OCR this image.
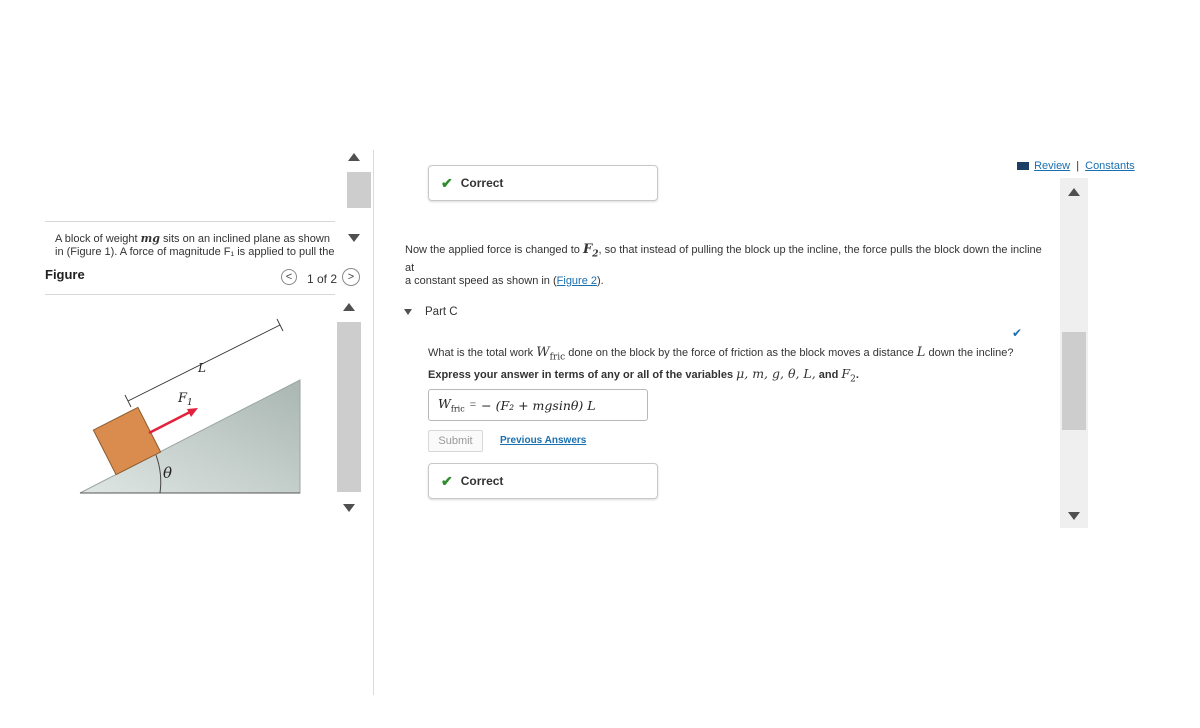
A block of weight mg sits on an inclined plane as shown
in (Figure 1). A force of magnitude F₁ is applied to pull the
Figure	< 1 of 2 >
θ
$F_1$
L
Review | Constants
✔ Correct
Now the applied force is changed to $F_2$, so that instead of pulling the block up the incline, the force pulls the block down the incline at
a constant speed as shown in (Figure 2).
Part C
✔
What is the total work $W_{fric}$ done on the block by the force of friction as the block moves a distance L down the incline?
Express your answer in terms of any or all of the variables μ, m, g, θ, L, and $F_2$.
$W_{fric}$ = − (F₂ + mgsinθ) L
Submit	Previous Answers
✔ Correct
